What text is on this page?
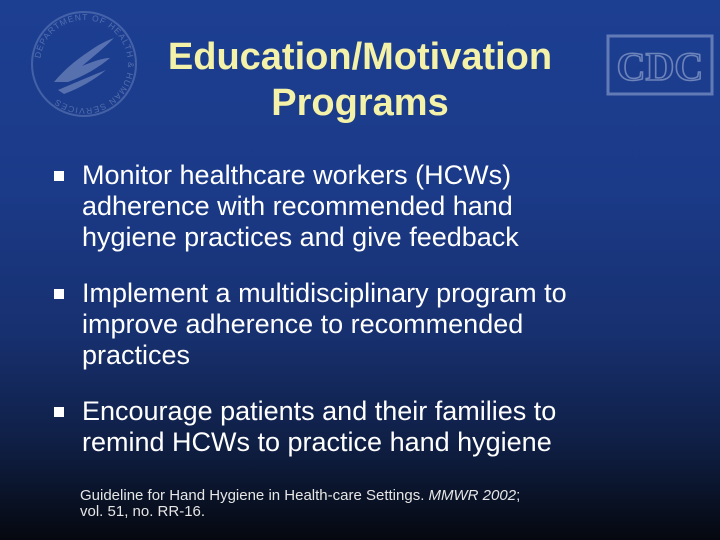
DEPARTMENT OF HEALTH & HUMAN SERVICES
CDC
Education/Motivation
Programs
Monitor healthcare workers (HCWs)
adherence with recommended hand
hygiene practices and give feedback
Implement a multidisciplinary program to
improve adherence to recommended
practices
Encourage patients and their families to
remind HCWs to practice hand hygiene

Guideline for Hand Hygiene in Health-care Settings. MMWR 2002;
vol. 51, no. RR-16.
